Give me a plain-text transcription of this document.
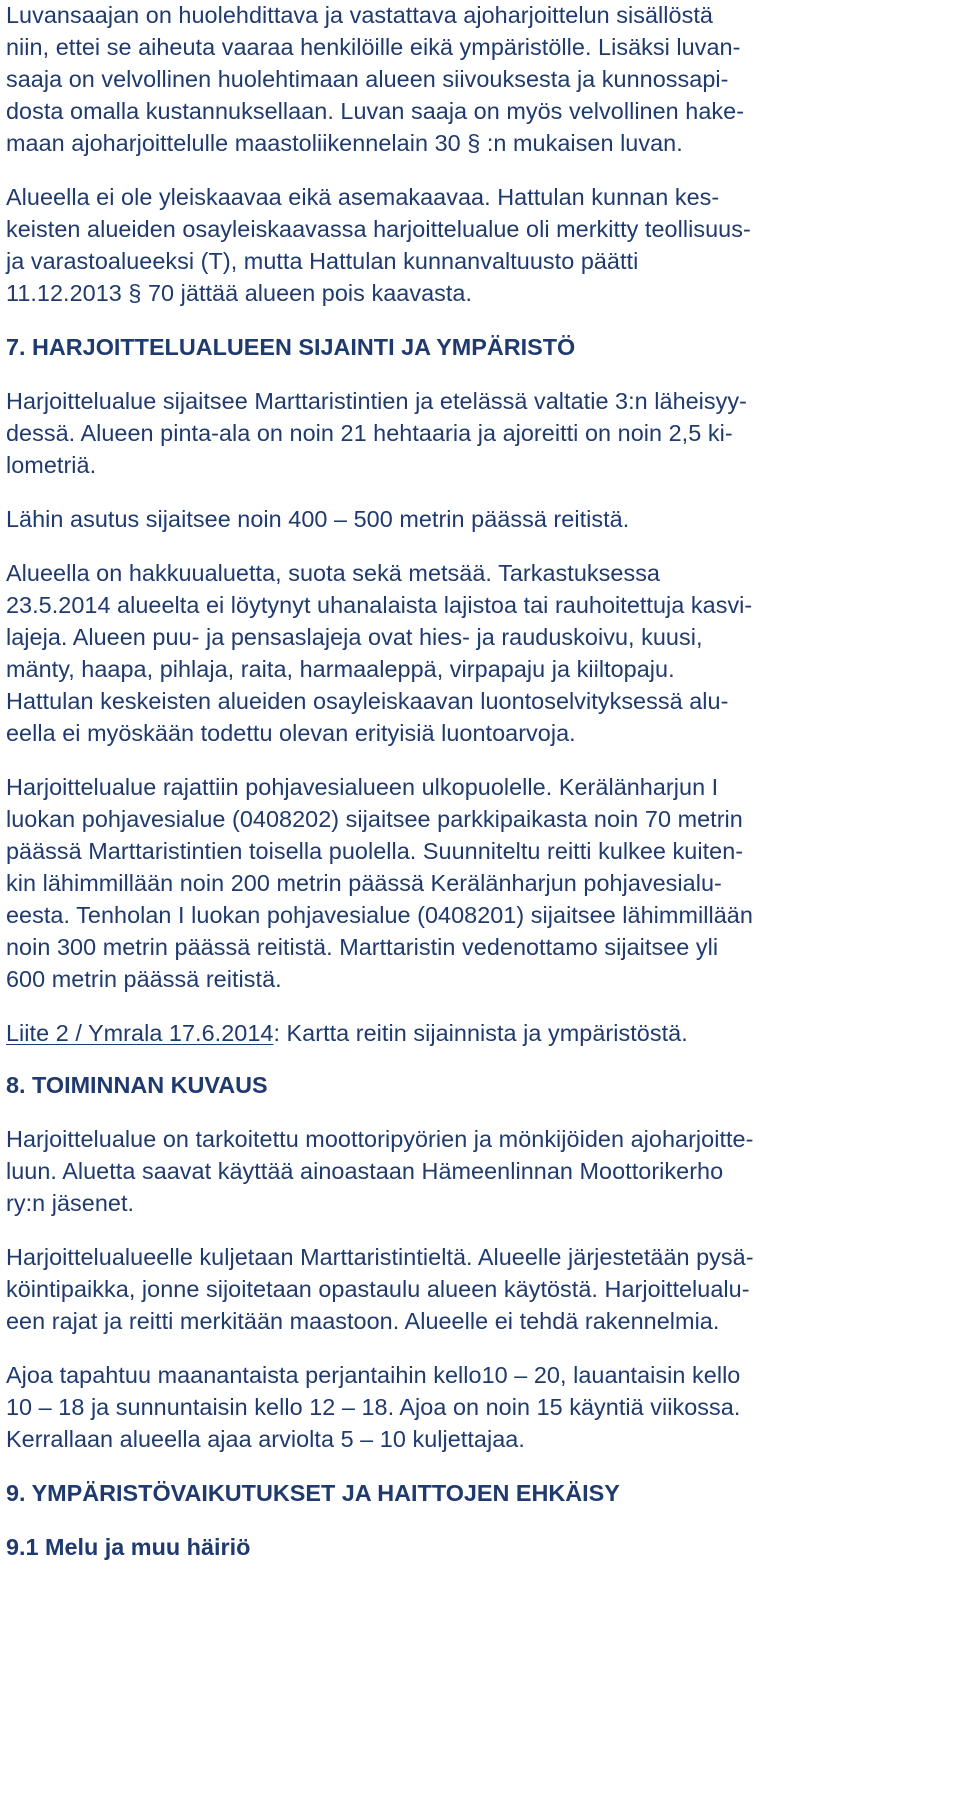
Luvansaajan on huolehdittava ja vastattava ajoharjoittelun sisällöstä
niin, ettei se aiheuta vaaraa henkilöille eikä ympäristölle. Lisäksi luvan-
saaja on velvollinen huolehtimaan alueen siivouksesta ja kunnossapi-
dosta omalla kustannuksellaan. Luvan saaja on myös velvollinen hake-
maan ajoharjoittelulle maastoliikennelain 30 § :n mukaisen luvan.
Alueella ei ole yleiskaavaa eikä asemakaavaa. Hattulan kunnan kes-
keisten alueiden osayleiskaavassa harjoittelualue oli merkitty teollisuus-
ja varastoalueeksi (T), mutta Hattulan kunnanvaltuusto päätti
11.12.2013 § 70 jättää alueen pois kaavasta.
7. HARJOITTELUALUEEN SIJAINTI JA YMPÄRISTÖ
Harjoittelualue sijaitsee Marttaristintien ja etelässä valtatie 3:n läheisyy-
dessä. Alueen pinta-ala on noin 21 hehtaaria ja ajoreitti on noin 2,5 ki-
lometriä.
Lähin asutus sijaitsee noin 400 – 500 metrin päässä reitistä.
Alueella on hakkuualuetta, suota sekä metsää. Tarkastuksessa
23.5.2014 alueelta ei löytynyt uhanalaista lajistoa tai rauhoitettuja kasvi-
lajeja. Alueen puu- ja pensaslajeja ovat hies- ja rauduskoivu, kuusi,
mänty, haapa, pihlaja, raita, harmaaleppä, virpapaju ja kiiltopaju.
Hattulan keskeisten alueiden osayleiskaavan luontoselvityksessä alu-
eella ei myöskään todettu olevan erityisiä luontoarvoja.
Harjoittelualue rajattiin pohjavesialueen ulkopuolelle. Kerälänharjun I
luokan pohjavesialue (0408202) sijaitsee parkkipaikasta noin 70 metrin
päässä Marttaristintien toisella puolella. Suunniteltu reitti kulkee kuiten-
kin lähimmillään noin 200 metrin päässä Kerälänharjun pohjavesialu-
eesta. Tenholan I luokan pohjavesialue (0408201) sijaitsee lähimmillään
noin 300 metrin päässä reitistä. Marttaristin vedenottamo sijaitsee yli
600 metrin päässä reitistä.
Liite 2 / Ymrala 17.6.2014: Kartta reitin sijainnista ja ympäristöstä.
8. TOIMINNAN KUVAUS
Harjoittelualue on tarkoitettu moottoripyörien ja mönkijöiden ajoharjoitte-
luun. Aluetta saavat käyttää ainoastaan Hämeenlinnan Moottorikerho
ry:n jäsenet.
Harjoittelualueelle kuljetaan Marttaristintieltä. Alueelle järjestetään pysä-
köintipaikka, jonne sijoitetaan opastaulu alueen käytöstä. Harjoittelualu-
een rajat ja reitti merkitään maastoon. Alueelle ei tehdä rakennelmia.
Ajoa tapahtuu maanantaista perjantaihin kello10 – 20, lauantaisin kello
10 – 18 ja sunnuntaisin kello 12 – 18. Ajoa on noin 15 käyntiä viikossa.
Kerrallaan alueella ajaa arviolta 5 – 10 kuljettajaa.
9. YMPÄRISTÖVAIKUTUKSET JA HAITTOJEN EHKÄISY
9.1 Melu ja muu häiriö
